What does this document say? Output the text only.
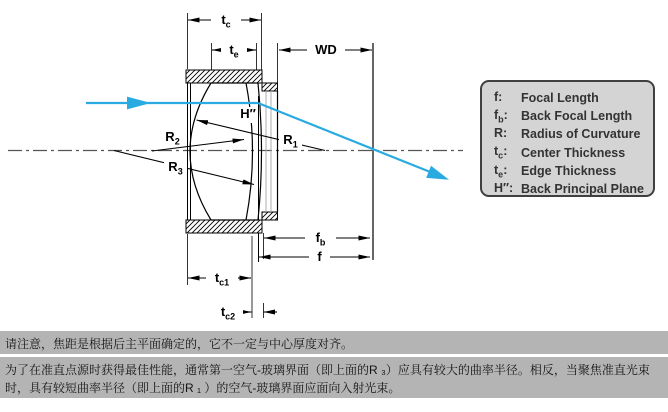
$t_c$
$t_e$	WD
$f_b$
f
$t_{c1}$
$t_{c2}$
$R_1$
$R_2$
$R_3$
H″
f:	Focal Length
$f_b$:	Back Focal Length
R:	Radius of Curvature
$t_c$:	Center Thickness
$t_e$:	Edge Thickness
H″: Back Principal Plane
请注意，焦距是根据后主平面确定的，它不一定与中心厚度对齐。
为了在准直点源时获得最佳性能，通常第一空气-玻璃界面（即上面的R ₃）应具有较大的曲率半径。相反，当聚焦准直光束时，具有较短曲率半径（即上面的R ₁ ）的空气-玻璃界面应面向入射光束。
